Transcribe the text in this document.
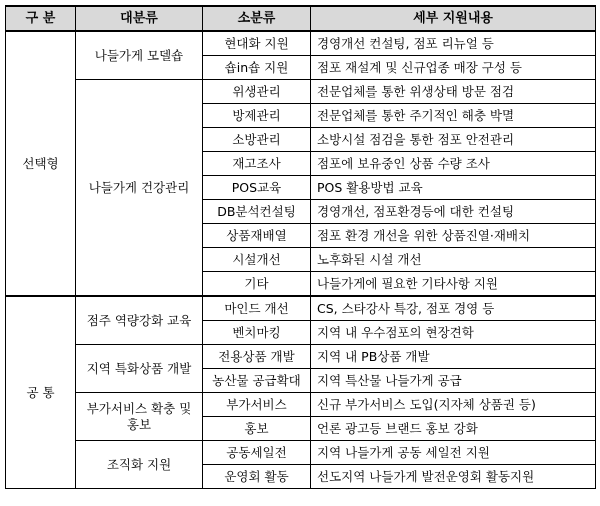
구 분	대분류	소분류	세부 지원내용
선택형	나들가게 모델숍	현대화 지원	경영개선 컨설팅, 점포 리뉴얼 등
		숍in숍 지원	점포 재설계 및 신규업종 매장 구성 등
	나들가게 건강관리	위생관리	전문업체를 통한 위생상태 방문 점검
		방제관리	전문업체를 통한 주기적인 해충 박멸
		소방관리	소방시설 점검을 통한 점포 안전관리
		재고조사	점포에 보유중인 상품 수량 조사
		POS교육	POS 활용방법 교육
		DB분석컨설팅	경영개선, 점포환경등에 대한 컨설팅
		상품재배열	점포 환경 개선을 위한 상품진열·재배치
		시설개선	노후화된 시설 개선
		기타	나들가게에 필요한 기타사항 지원
공 통	점주 역량강화 교육	마인드 개선	CS, 스타강사 특강, 점포 경영 등
		벤치마킹	지역 내 우수점포의 현장견학
	지역 특화상품 개발	전용상품 개발	지역 내 PB상품 개발
		농산물 공급확대	지역 특산물 나들가게 공급
	부가서비스 확충 및 홍보	부가서비스	신규 부가서비스 도입(지자체 상품권 등)
		홍보	언론 광고등 브랜드 홍보 강화
	조직화 지원	공동세일전	지역 나들가게 공동 세일전 지원
		운영회 활동	선도지역 나들가게 발전운영회 활동지원
